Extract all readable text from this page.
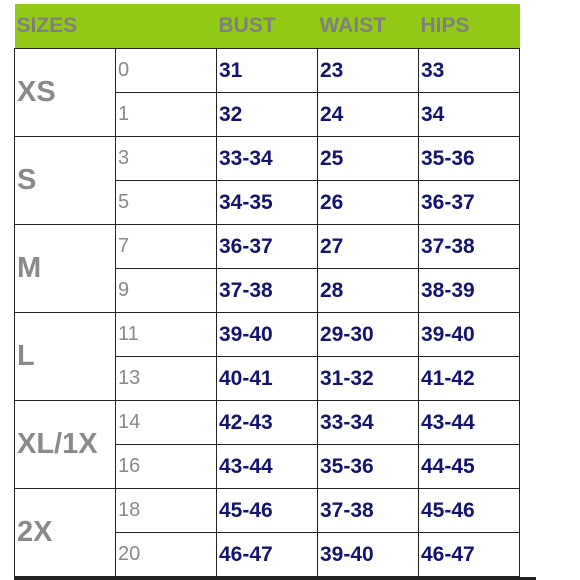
SIZES		BUST	WAIST	HIPS
XS	0	31	23	33
	1	32	24	34
S	3	33-34	25	35-36
	5	34-35	26	36-37
M	7	36-37	27	37-38
	9	37-38	28	38-39
L	11	39-40	29-30	39-40
	13	40-41	31-32	41-42
XL/1X	14	42-43	33-34	43-44
	16	43-44	35-36	44-45
2X	18	45-46	37-38	45-46
	20	46-47	39-40	46-47
